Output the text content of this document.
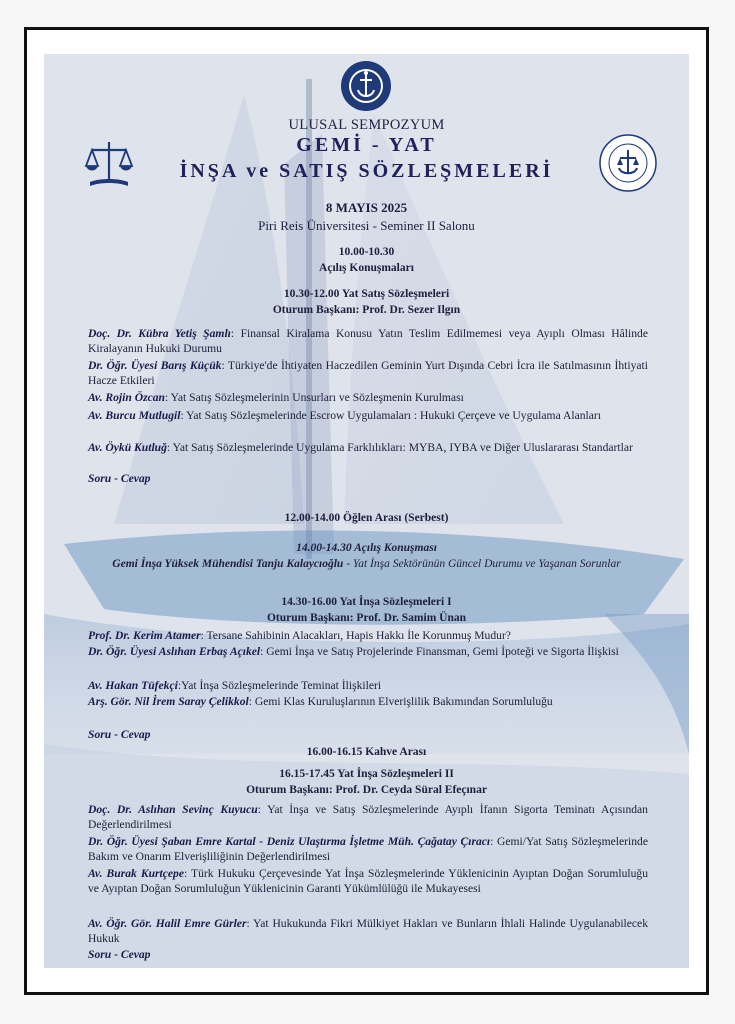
ULUSAL SEMPOZYUM
GEMİ - YAT
İNŞA ve SATIŞ SÖZLEŞMELERİ
8 MAYIS 2025
Piri Reis Üniversitesi - Seminer II Salonu
10.00-10.30
Açılış Konuşmaları
10.30-12.00 Yat Satış Sözleşmeleri
Oturum Başkanı: Prof. Dr. Sezer Ilgın
Doç. Dr. Kübra Yetiş Şamlı: Finansal Kiralama Konusu Yatın Teslim Edilmemesi veya Ayıplı Olması Hâlinde Kiralayanın Hukuki Durumu
Dr. Öğr. Üyesi Barış Küçük: Türkiye'de İhtiyaten Haczedilen Geminin Yurt Dışında Cebri İcra ile Satılmasının İhtiyati Hacze Etkileri
Av. Rojin Özcan: Yat Satış Sözleşmelerinin Unsurları ve Sözleşmenin Kurulması
Av. Burcu Mutlugil: Yat Satış Sözleşmelerinde Escrow Uygulamaları : Hukuki Çerçeve ve Uygulama Alanları
Av. Öykü Kutluğ: Yat Satış Sözleşmelerinde Uygulama Farklılıkları: MYBA, IYBA ve Diğer Uluslararası Standartlar
Soru - Cevap
12.00-14.00 Öğlen Arası (Serbest)
14.00-14.30 Açılış Konuşması
Gemi İnşa Yüksek Mühendisi Tanju Kalaycıoğlu - Yat İnşa Sektörünün Güncel Durumu ve Yaşanan Sorunlar
14.30-16.00 Yat İnşa Sözleşmeleri I
Oturum Başkanı: Prof. Dr. Samim Ünan
Prof. Dr. Kerim Atamer: Tersane Sahibinin Alacakları, Hapis Hakkı İle Korunmuş Mudur?
Dr. Öğr. Üyesi Aslıhan Erbaş Açıkel: Gemi İnşa ve Satış Projelerinde Finansman, Gemi İpoteği ve Sigorta İlişkisi
Av. Hakan Tüfekçi:Yat İnşa Sözleşmelerinde Teminat İlişkileri
Arş. Gör. Nil İrem Saray Çelikkol: Gemi Klas Kuruluşlarının Elverişlilik Bakımından Sorumluluğu
Soru - Cevap
16.00-16.15 Kahve Arası
16.15-17.45 Yat İnşa Sözleşmeleri II
Oturum Başkanı: Prof. Dr. Ceyda Süral Efeçınar
Doç. Dr. Aslıhan Sevinç Kuyucu: Yat İnşa ve Satış Sözleşmelerinde Ayıplı İfanın Sigorta Teminatı Açısından Değerlendirilmesi
Dr. Öğr. Üyesi Şaban Emre Kartal - Deniz Ulaştırma İşletme Müh. Çağatay Çıracı: Gemi/Yat Satış Sözleşmelerinde Bakım ve Onarım Elverişliliğinin Değerlendirilmesi
Av. Burak Kurtçepe: Türk Hukuku Çerçevesinde Yat İnşa Sözleşmelerinde Yüklenicinin Ayıptan Doğan Sorumluluğu ve Ayıptan Doğan Sorumluluğun Yüklenicinin Garanti Yükümlülüğü ile Mukayesesi
Av. Öğr. Gör. Halil Emre Gürler: Yat Hukukunda Fikri Mülkiyet Hakları ve Bunların İhlali Halinde Uygulanabilecek Hukuk
Soru - Cevap
